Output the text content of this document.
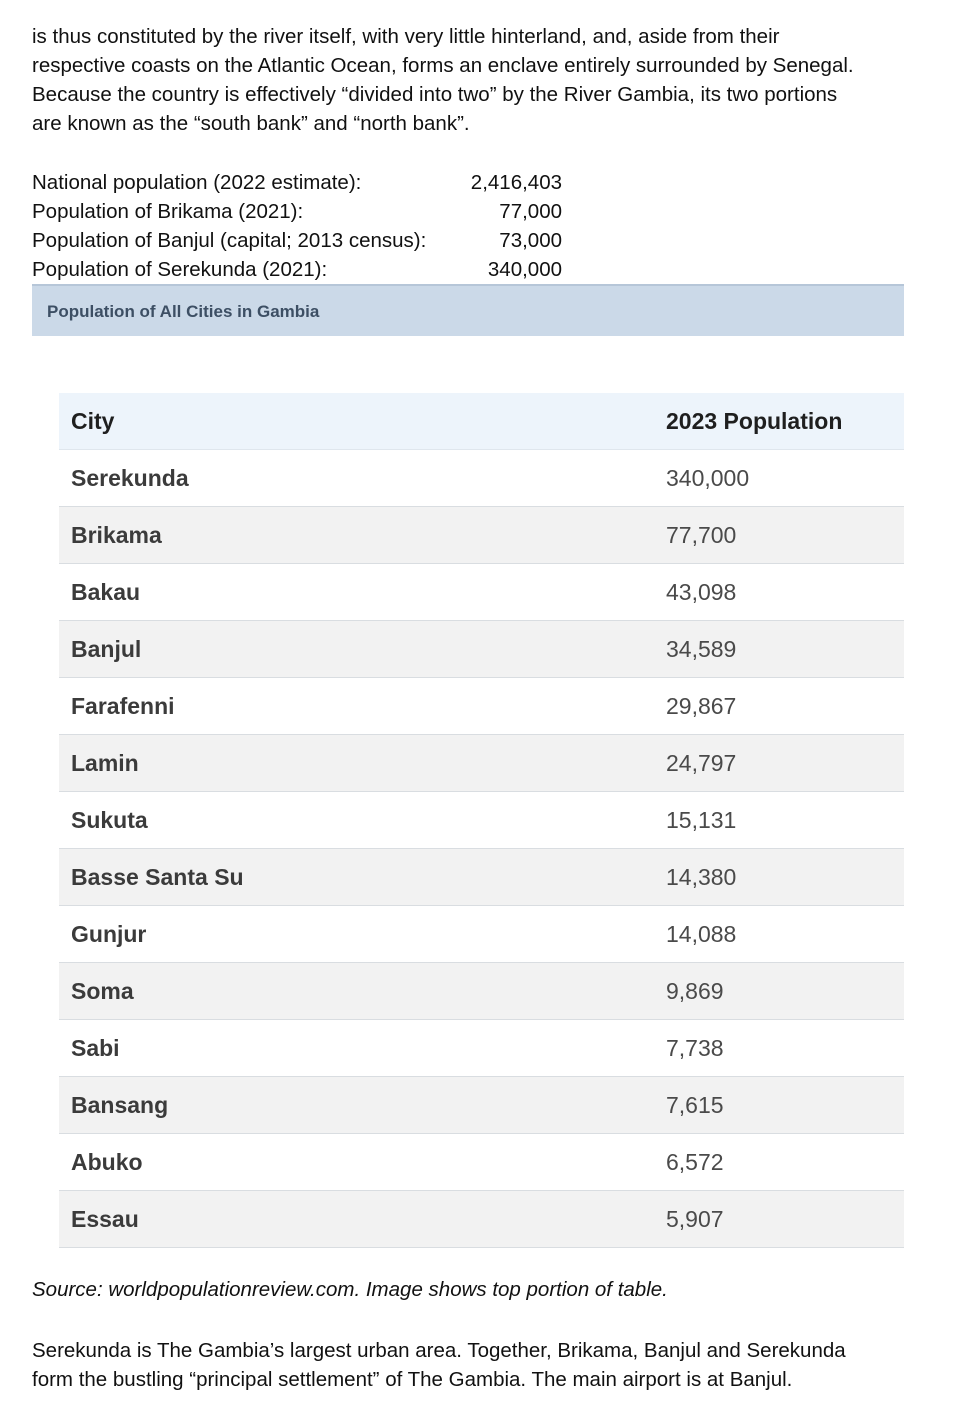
is thus constituted by the river itself, with very little hinterland, and, aside from their

respective coasts on the Atlantic Ocean, forms an enclave entirely surrounded by Senegal.

Because the country is effectively “divided into two” by the River Gambia, its two portions

are known as the “south bank” and “north bank”.

National population (2022 estimate):	2,416,403
Population of Brikama (2021):	77,000
Population of Banjul (capital; 2013 census):	73,000
Population of Serekunda (2021):	340,000
Population of All Cities in Gambia
City	2023 Population
Serekunda	340,000
Brikama	77,700
Bakau	43,098
Banjul	34,589
Farafenni	29,867
Lamin	24,797
Sukuta	15,131
Basse Santa Su	14,380
Gunjur	14,088
Soma	9,869
Sabi	7,738
Bansang	7,615
Abuko	6,572
Essau	5,907
Source: worldpopulationreview.com. Image shows top portion of table.

Serekunda is The Gambia’s largest urban area. Together, Brikama, Banjul and Serekunda

form the bustling “principal settlement” of The Gambia. The main airport is at Banjul.
